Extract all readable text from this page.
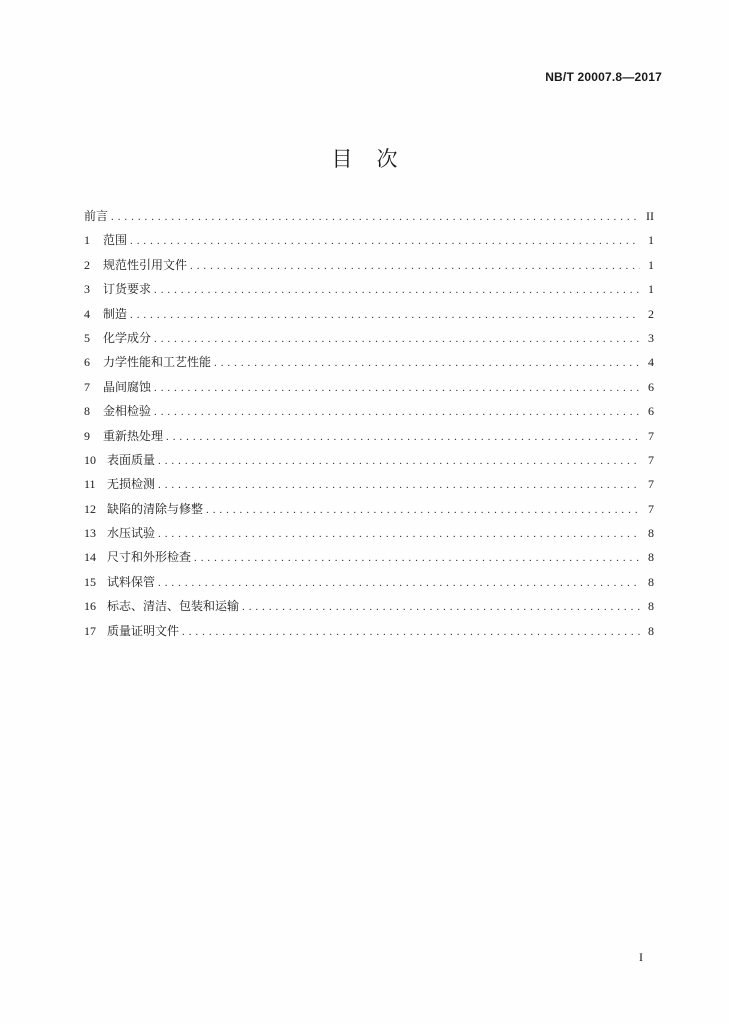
NB/T 20007.8—2017
目次
前言 . . .	II
1	范围 . . .	1
2	规范性引用文件 . . .	1
3	订货要求 . . .	1
4	制造 . . .	2
5	化学成分 . . .	3
6	力学性能和工艺性能 . . .	4
7	晶间腐蚀 . . .	6
8	金相检验 . . .	6
9	重新热处理 . . .	7
10 表面质量 . . .	7
11 无损检测 . . .	7
12 缺陷的清除与修整 . . .	7
13 水压试验 . . .	8
14 尺寸和外形检查 . . .	8
15 试料保管 . . .	8
16 标志、清洁、包装和运输 . . .	8
17 质量证明文件 . . .	8
I
